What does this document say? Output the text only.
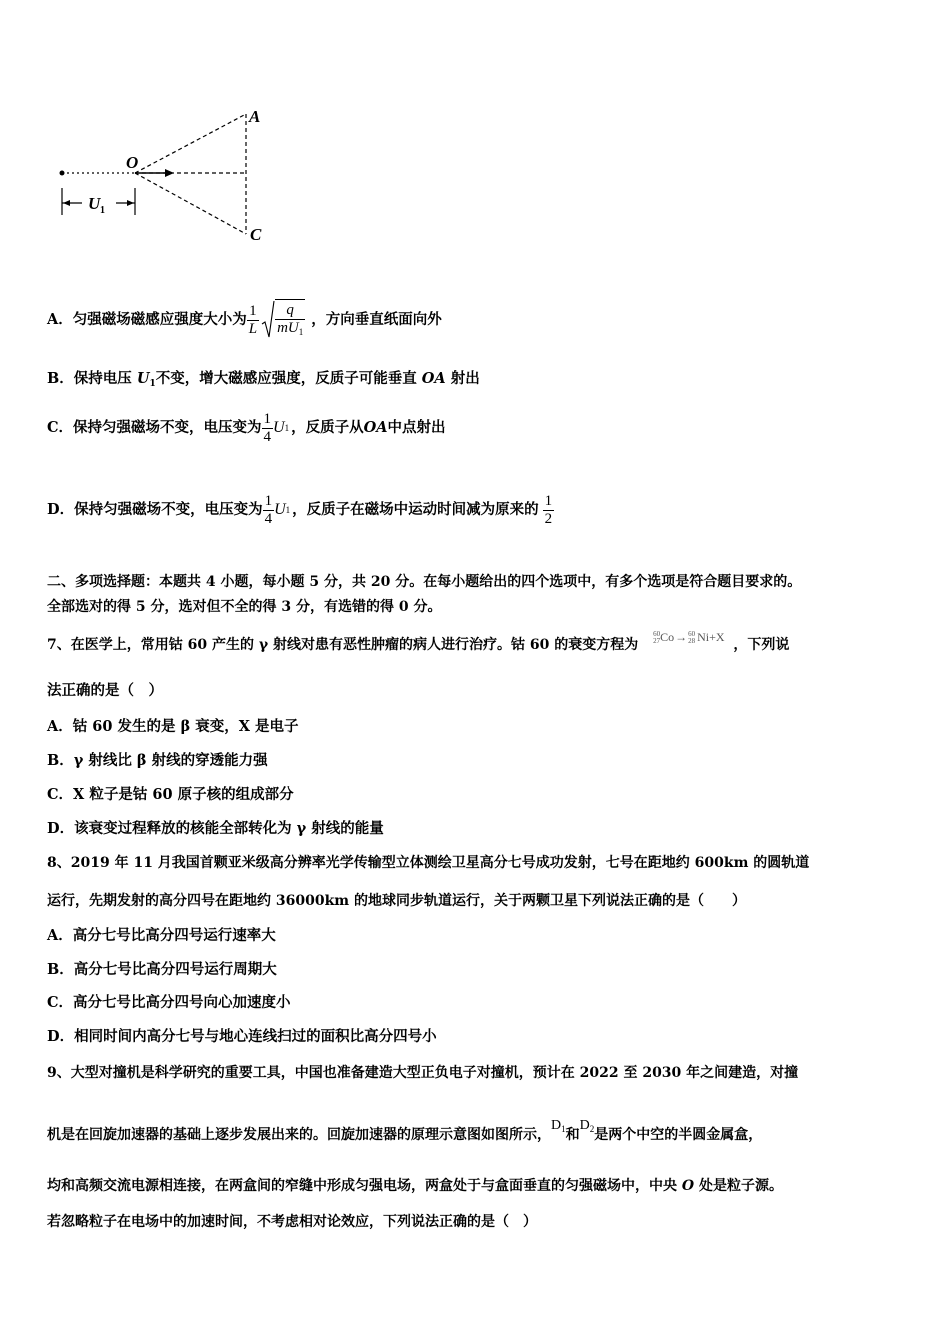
U 1
O
A
C
A．匀强磁场磁感应强度大小为 $\frac{1}{L} \frac{q}{mU_1}$ ，方向垂直纸面向外
B．保持电压 $U_1$不变，增大磁感应强度，反质子可能垂直 OA 射出
C．保持匀强磁场不变，电压变为 $\frac{1}{4}$ U 1 ，反质子从 OA 中点射出
D．保持匀强磁场不变，电压变为 $\frac{1}{4}$ U 1 ，反质子在磁场中运动时间减为原来的 $\frac{1}{2}$
二、多项选择题：本题共 4 小题，每小题 5 分，共 20 分。在每小题给出的四个选项中，有多个选项是符合题目要求的。
全部选对的得 5 分，选对但不全的得 3 分，有选错的得 0 分。
7、在医学上，常用钴 60 产生的 γ 射线对患有恶性肿瘤的病人进行治疗。钴 60 的衰变方程为 60
27Co→60
28 Ni+X ，下列说
法正确的是（　）
A．钴 60 发生的是 β 衰变，X 是电子
B．γ 射线比 β 射线的穿透能力强
C．X 粒子是钴 60 原子核的组成部分
D．该衰变过程释放的核能全部转化为 γ 射线的能量
8、2019 年 11 月我国首颗亚米级高分辨率光学传输型立体测绘卫星高分七号成功发射，七号在距地约 600km 的圆轨道
运行，先期发射的高分四号在距地约 36000km 的地球同步轨道运行，关于两颗卫星下列说法正确的是（　　）
A．高分七号比高分四号运行速率大
B．高分七号比高分四号运行周期大
C．高分七号比高分四号向心加速度小
D．相同时间内高分七号与地心连线扫过的面积比高分四号小
9、大型对撞机是科学研究的重要工具，中国也准备建造大型正负电子对撞机，预计在 2022 至 2030 年之间建造，对撞
机是在回旋加速器的基础上逐步发展出来的。回旋加速器的原理示意图如图所示，$D_1$和$D_2$是两个中空的半圆金属盒，
均和高频交流电源相连接，在两盒间的窄缝中形成匀强电场，两盒处于与盒面垂直的匀强磁场中，中央 O 处是粒子源。
若忽略粒子在电场中的加速时间，不考虑相对论效应，下列说法正确的是（　）
